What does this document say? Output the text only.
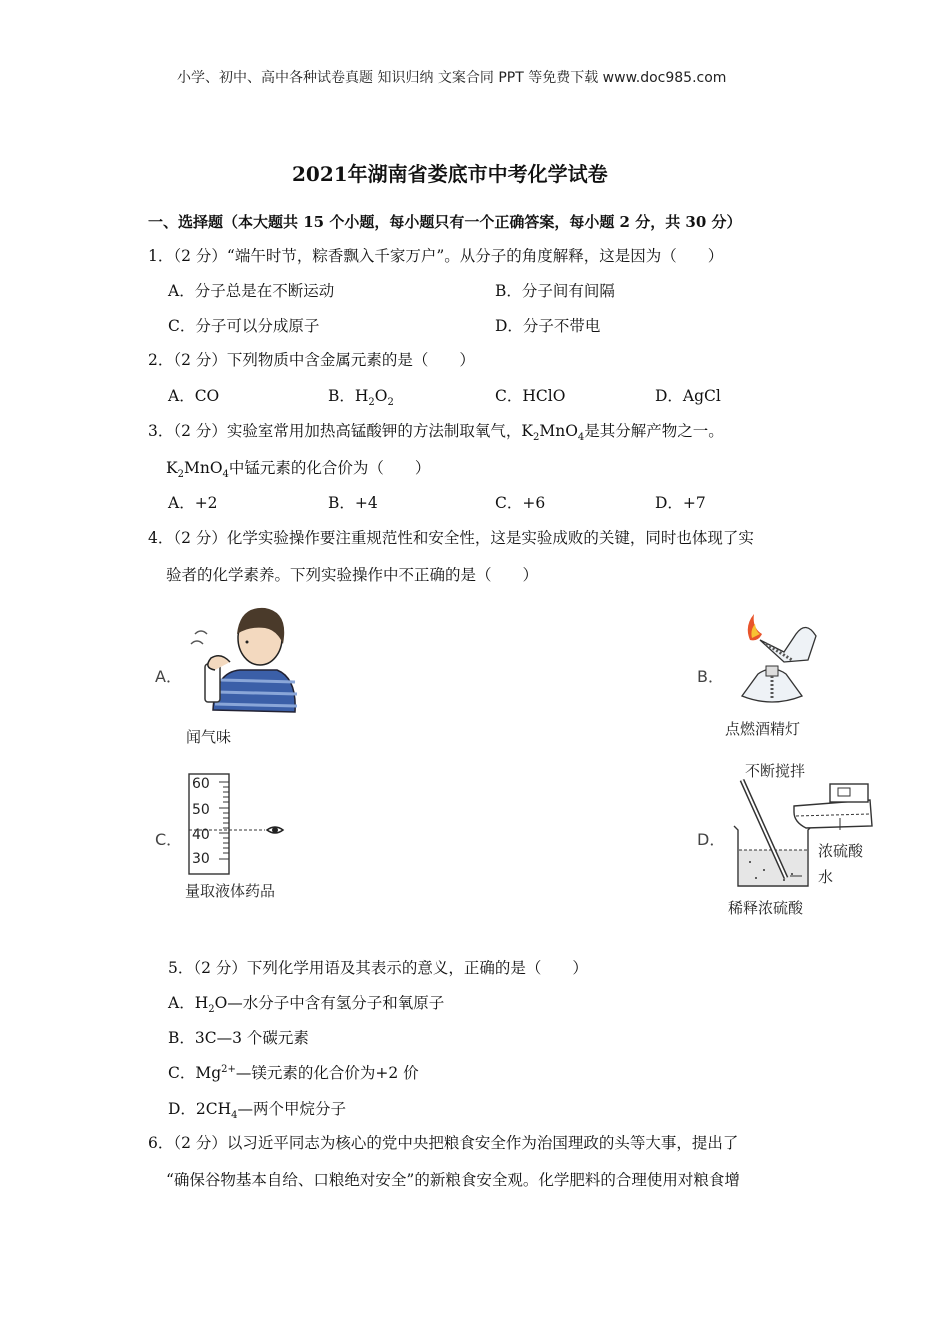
小学、初中、高中各种试卷真题 知识归纳 文案合同 PPT 等免费下载 www.doc985.com
2021年湖南省娄底市中考化学试卷
一、选择题（本大题共 15 个小题，每小题只有一个正确答案，每小题 2 分，共 30 分）
1．（2 分）“端午时节，粽香飘入千家万户”。从分子的角度解释，这是因为（　　）
A．分子总是在不断运动	B．分子间有间隔
C．分子可以分成原子	D．分子不带电
2．（2 分）下列物质中含金属元素的是（　　）
A．CO	B．$H_2O_2$	C．HClO	D．AgCl
3．（2 分）实验室常用加热高锰酸钾的方法制取氧气，$K_2MnO_4$是其分解产物之一。
$K_2MnO_4$中锰元素的化合价为（　　）
A．+2	B．+4	C．+6	D．+7
4．（2 分）化学实验操作要注重规范性和安全性，这是实验成败的关键，同时也体现了实
验者的化学素养。下列实验操作中不正确的是（　　）
A．
闻气味
B．
点燃酒精灯
C．
60
50
40
30
量取液体药品
D．
不断搅拌
浓硫酸
水
稀释浓硫酸
5．（2 分）下列化学用语及其表示的意义，正确的是（　　）
A．$H_2O—$水分子中含有氢分子和氧原子
B．3C—3 个碳元素
C．$Mg^{2+}—$镁元素的化合价为+2 价
D．$2CH_4—$两个甲烷分子
6．（2 分）以习近平同志为核心的党中央把粮食安全作为治国理政的头等大事，提出了
“确保谷物基本自给、口粮绝对安全”的新粮食安全观。化学肥料的合理使用对粮食增
